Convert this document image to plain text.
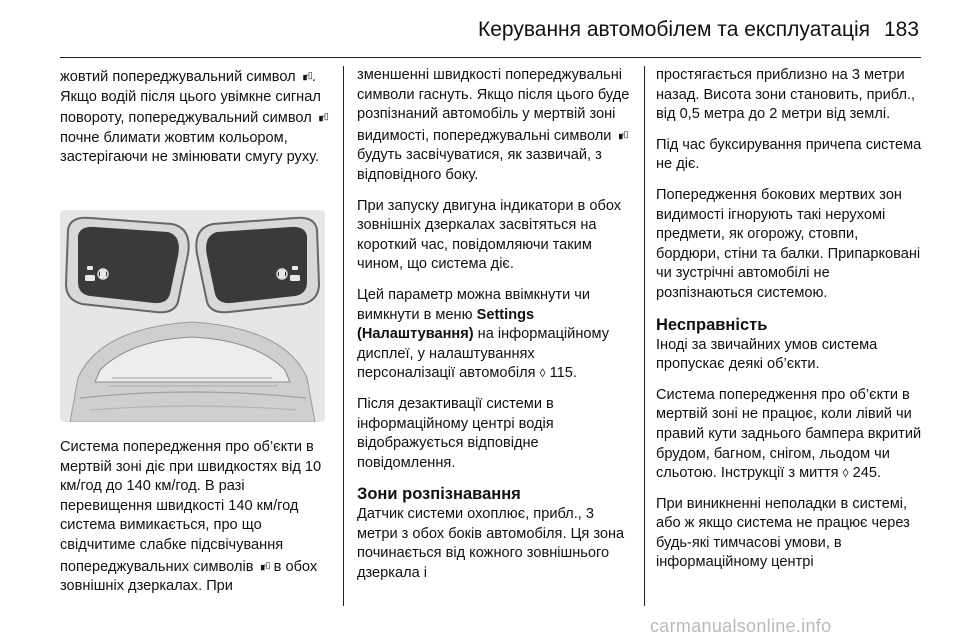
Керування автомобілем та експлуатація 183

жовтий попереджувальний символ ▗◦▯. Якщо водій після цього увімкне сигнал повороту, попереджувальний символ ▗◦▯ почне блимати жовтим кольором, застерігаючи не змінювати смугу руху.

Система попередження про об’єкти в мертвій зоні діє при швидкостях від 10 км/год до 140 км/год. В разі перевищення швидкості 140 км/год система вимикається, про що свідчитиме слабке підсвічування попереджувальних символів ▗◦▯ в обох зовнішніх дзеркалах. При

зменшенні швидкості попереджувальні символи гаснуть. Якщо після цього буде розпізнаний автомобіль у мертвій зоні видимості, попереджувальні символи ▗◦▯ будуть засвічуватися, як зазвичай, з відповідного боку.

При запуску двигуна індикатори в обох зовнішніх дзеркалах засвітяться на короткий час, повідомляючи таким чином, що система діє.

Цей параметр можна ввімкнути чи вимкнути в меню Settings (Налаштування) на інформаційному дисплеї, у налаштуваннях персоналізації автомобіля ◊ 115.

Після дезактивації системи в інформаційному центрі водія відображується відповідне повідомлення.

Зони розпізнавання

Датчик системи охоплює, прибл., 3 метри з обох боків автомобіля. Ця зона починається від кожного зовнішнього дзеркала і

простягається приблизно на 3 метри назад. Висота зони становить, прибл., від 0,5 метра до 2 метри від землі.

Під час буксирування причепа система не діє.

Попередження бокових мертвих зон видимості ігнорують такі нерухомі предмети, як огорожу, стовпи, бордюри, стіни та балки. Припарковані чи зустрічні автомобілі не розпізнаються системою.

Несправність

Іноді за звичайних умов система пропускає деякі об’єкти.

Система попередження про об’єкти в мертвій зоні не працює, коли лівий чи правий кути заднього бампера вкритий брудом, багном, снігом, льодом чи сльотою. Інструкції з миття ◊ 245.

При виникненні неполадки в системі, або ж якщо система не працює через будь-які тимчасові умови, в інформаційному центрі

carmanualsonline.info
